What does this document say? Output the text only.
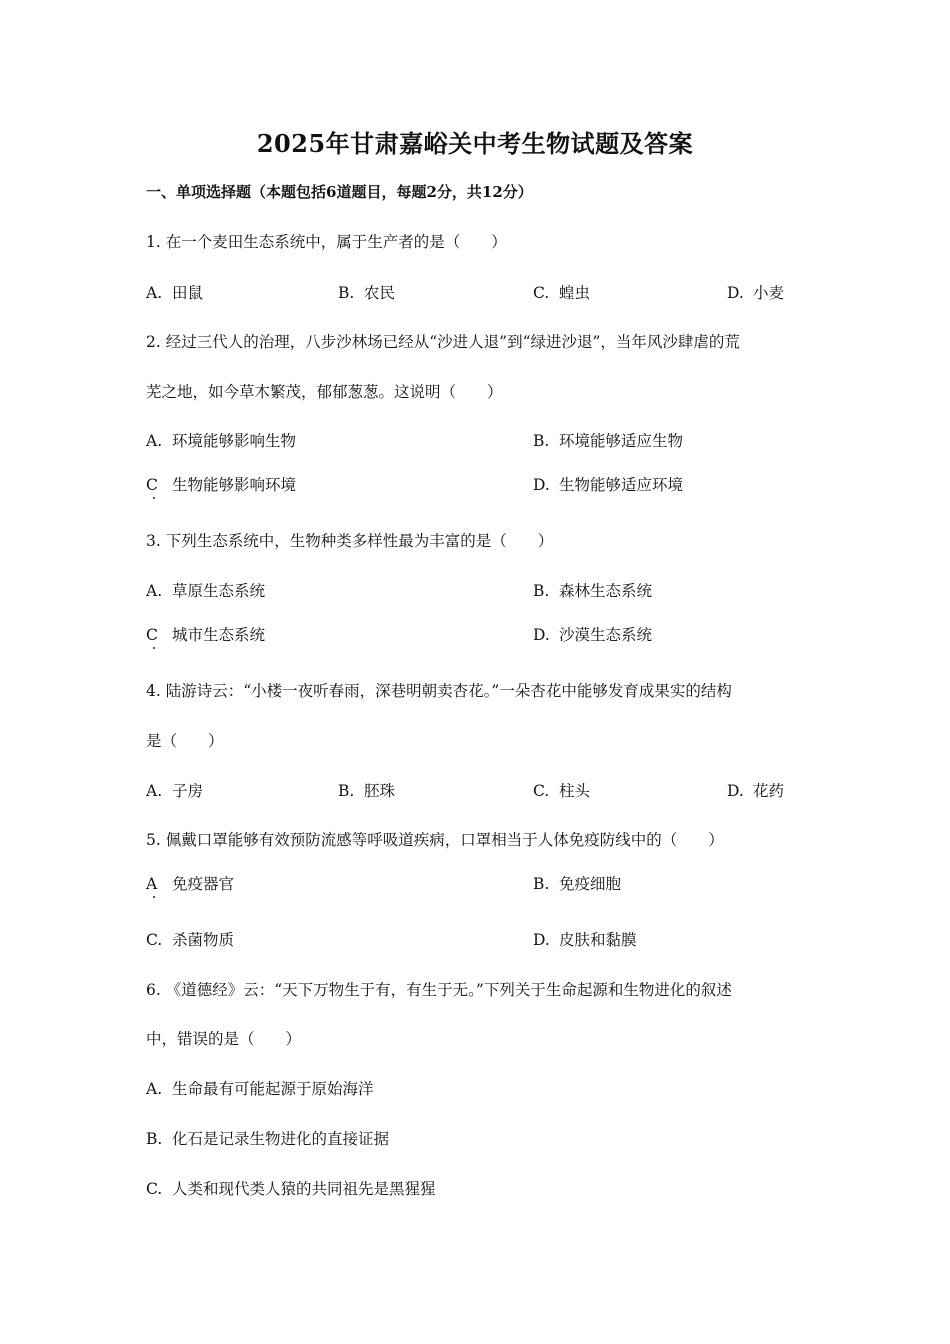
2025年甘肃嘉峪关中考生物试题及答案
一、单项选择题（本题包括6道题目，每题2分，共12分）
1. 在一个麦田生态系统中，属于生产者的是（　　）
A. 田鼠	B. 农民	C. 蝗虫	D. 小麦
2. 经过三代人的治理，八步沙林场已经从“沙进人退”到“绿进沙退”，当年风沙肆虐的荒
芜之地，如今草木繁茂，郁郁葱葱。这说明（　　）
A. 环境能够影响生物	B. 环境能够适应生物
C 生物能够影响环境	D. 生物能够适应环境
3. 下列生态系统中，生物种类多样性最为丰富的是（　　）
A. 草原生态系统	B. 森林生态系统
C 城市生态系统	D. 沙漠生态系统
4. 陆游诗云：“小楼一夜听春雨，深巷明朝卖杏花。”一朵杏花中能够发育成果实的结构
是（　　）
A. 子房	B. 胚珠	C. 柱头	D. 花药
5. 佩戴口罩能够有效预防流感等呼吸道疾病，口罩相当于人体免疫防线中的（　　）
A 免疫器官	B. 免疫细胞
C. 杀菌物质	D. 皮肤和黏膜
6. 《道德经》云：“天下万物生于有，有生于无。”下列关于生命起源和生物进化的叙述
中，错误的是（　　）
A. 生命最有可能起源于原始海洋
B. 化石是记录生物进化的直接证据
C. 人类和现代类人猿的共同祖先是黑猩猩
